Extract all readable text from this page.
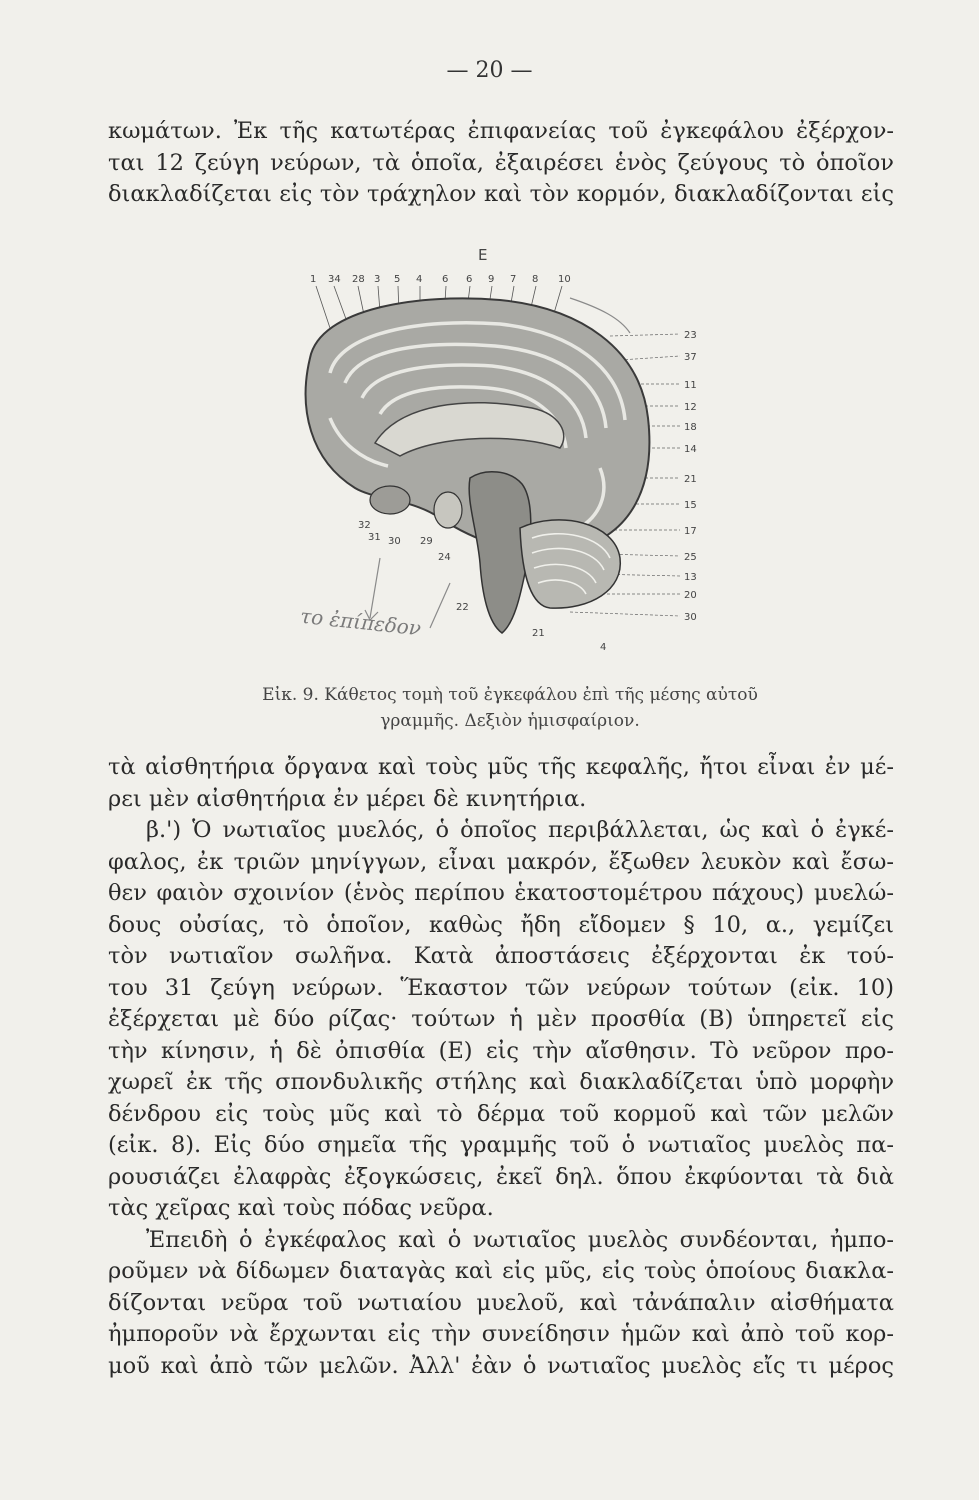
— 20 —
κωμάτων. Ἐκ τῆς κατωτέρας ἐπιφανείας τοῦ ἐγκεφάλου ἐξέρχον-
ται 12 ζεύγη νεύρων, τὰ ὁποῖα, ἐξαιρέσει ἑνὸς ζεύγους τὸ ὁποῖον
διακλαδίζεται εἰς τὸν τράχηλον καὶ τὸν κορμόν, διακλαδίζονται εἰς
E
1 34 28 3 5 4 6 6 9 7 8 10
23
37
11
12
18
14
21
15
17
25
13
20
30
32
31 30 29
24
22
21
4
το ἐπίπεδον
Εἰκ. 9. Κάθετος τομὴ τοῦ ἐγκεφάλου ἐπὶ τῆς μέσης αὐτοῦ
γραμμῆς. Δεξιὸν ἡμισφαίριον.
τὰ αἰσθητήρια ὄργανα καὶ τοὺς μῦς τῆς κεφαλῆς, ἤτοι εἶναι ἐν μέ-
ρει μὲν αἰσθητήρια ἐν μέρει δὲ κινητήρια.
β.') Ὁ νωτιαῖος μυελός, ὁ ὁποῖος περιβάλλεται, ὡς καὶ ὁ ἐγκέ-
φαλος, ἐκ τριῶν μηνίγγων, εἶναι μακρόν, ἔξωθεν λευκὸν καὶ ἔσω-
θεν φαιὸν σχοινίον (ἑνὸς περίπου ἑκατοστομέτρου πάχους) μυελώ-
δους οὐσίας, τὸ ὁποῖον, καθὼς ἤδη εἴδομεν § 10, α., γεμίζει
τὸν νωτιαῖον σωλῆνα. Κατὰ ἀποστάσεις ἐξέρχονται ἐκ τού-
του 31 ζεύγη νεύρων. Ἕκαστον τῶν νεύρων τούτων (εἰκ. 10)
ἐξέρχεται μὲ δύο ρίζας· τούτων ἡ μὲν προσθία (Β) ὑπηρετεῖ εἰς
τὴν κίνησιν, ἡ δὲ ὀπισθία (Ε) εἰς τὴν αἴσθησιν. Τὸ νεῦρον προ-
χωρεῖ ἐκ τῆς σπονδυλικῆς στήλης καὶ διακλαδίζεται ὑπὸ μορφὴν
δένδρου εἰς τοὺς μῦς καὶ τὸ δέρμα τοῦ κορμοῦ καὶ τῶν μελῶν
(εἰκ. 8). Εἰς δύο σημεῖα τῆς γραμμῆς τοῦ ὁ νωτιαῖος μυελὸς πα-
ρουσιάζει ἐλαφρὰς ἐξογκώσεις, ἐκεῖ δηλ. ὅπου ἐκφύονται τὰ διὰ
τὰς χεῖρας καὶ τοὺς πόδας νεῦρα.
Ἐπειδὴ ὁ ἐγκέφαλος καὶ ὁ νωτιαῖος μυελὸς συνδέονται, ἠμπο-
ροῦμεν νὰ δίδωμεν διαταγὰς καὶ εἰς μῦς, εἰς τοὺς ὁποίους διακλα-
δίζονται νεῦρα τοῦ νωτιαίου μυελοῦ, καὶ τἀνάπαλιν αἰσθήματα
ἠμποροῦν νὰ ἔρχωνται εἰς τὴν συνείδησιν ἡμῶν καὶ ἀπὸ τοῦ κορ-
μοῦ καὶ ἀπὸ τῶν μελῶν. Ἀλλ' ἐὰν ὁ νωτιαῖος μυελὸς εἴς τι μέρος
